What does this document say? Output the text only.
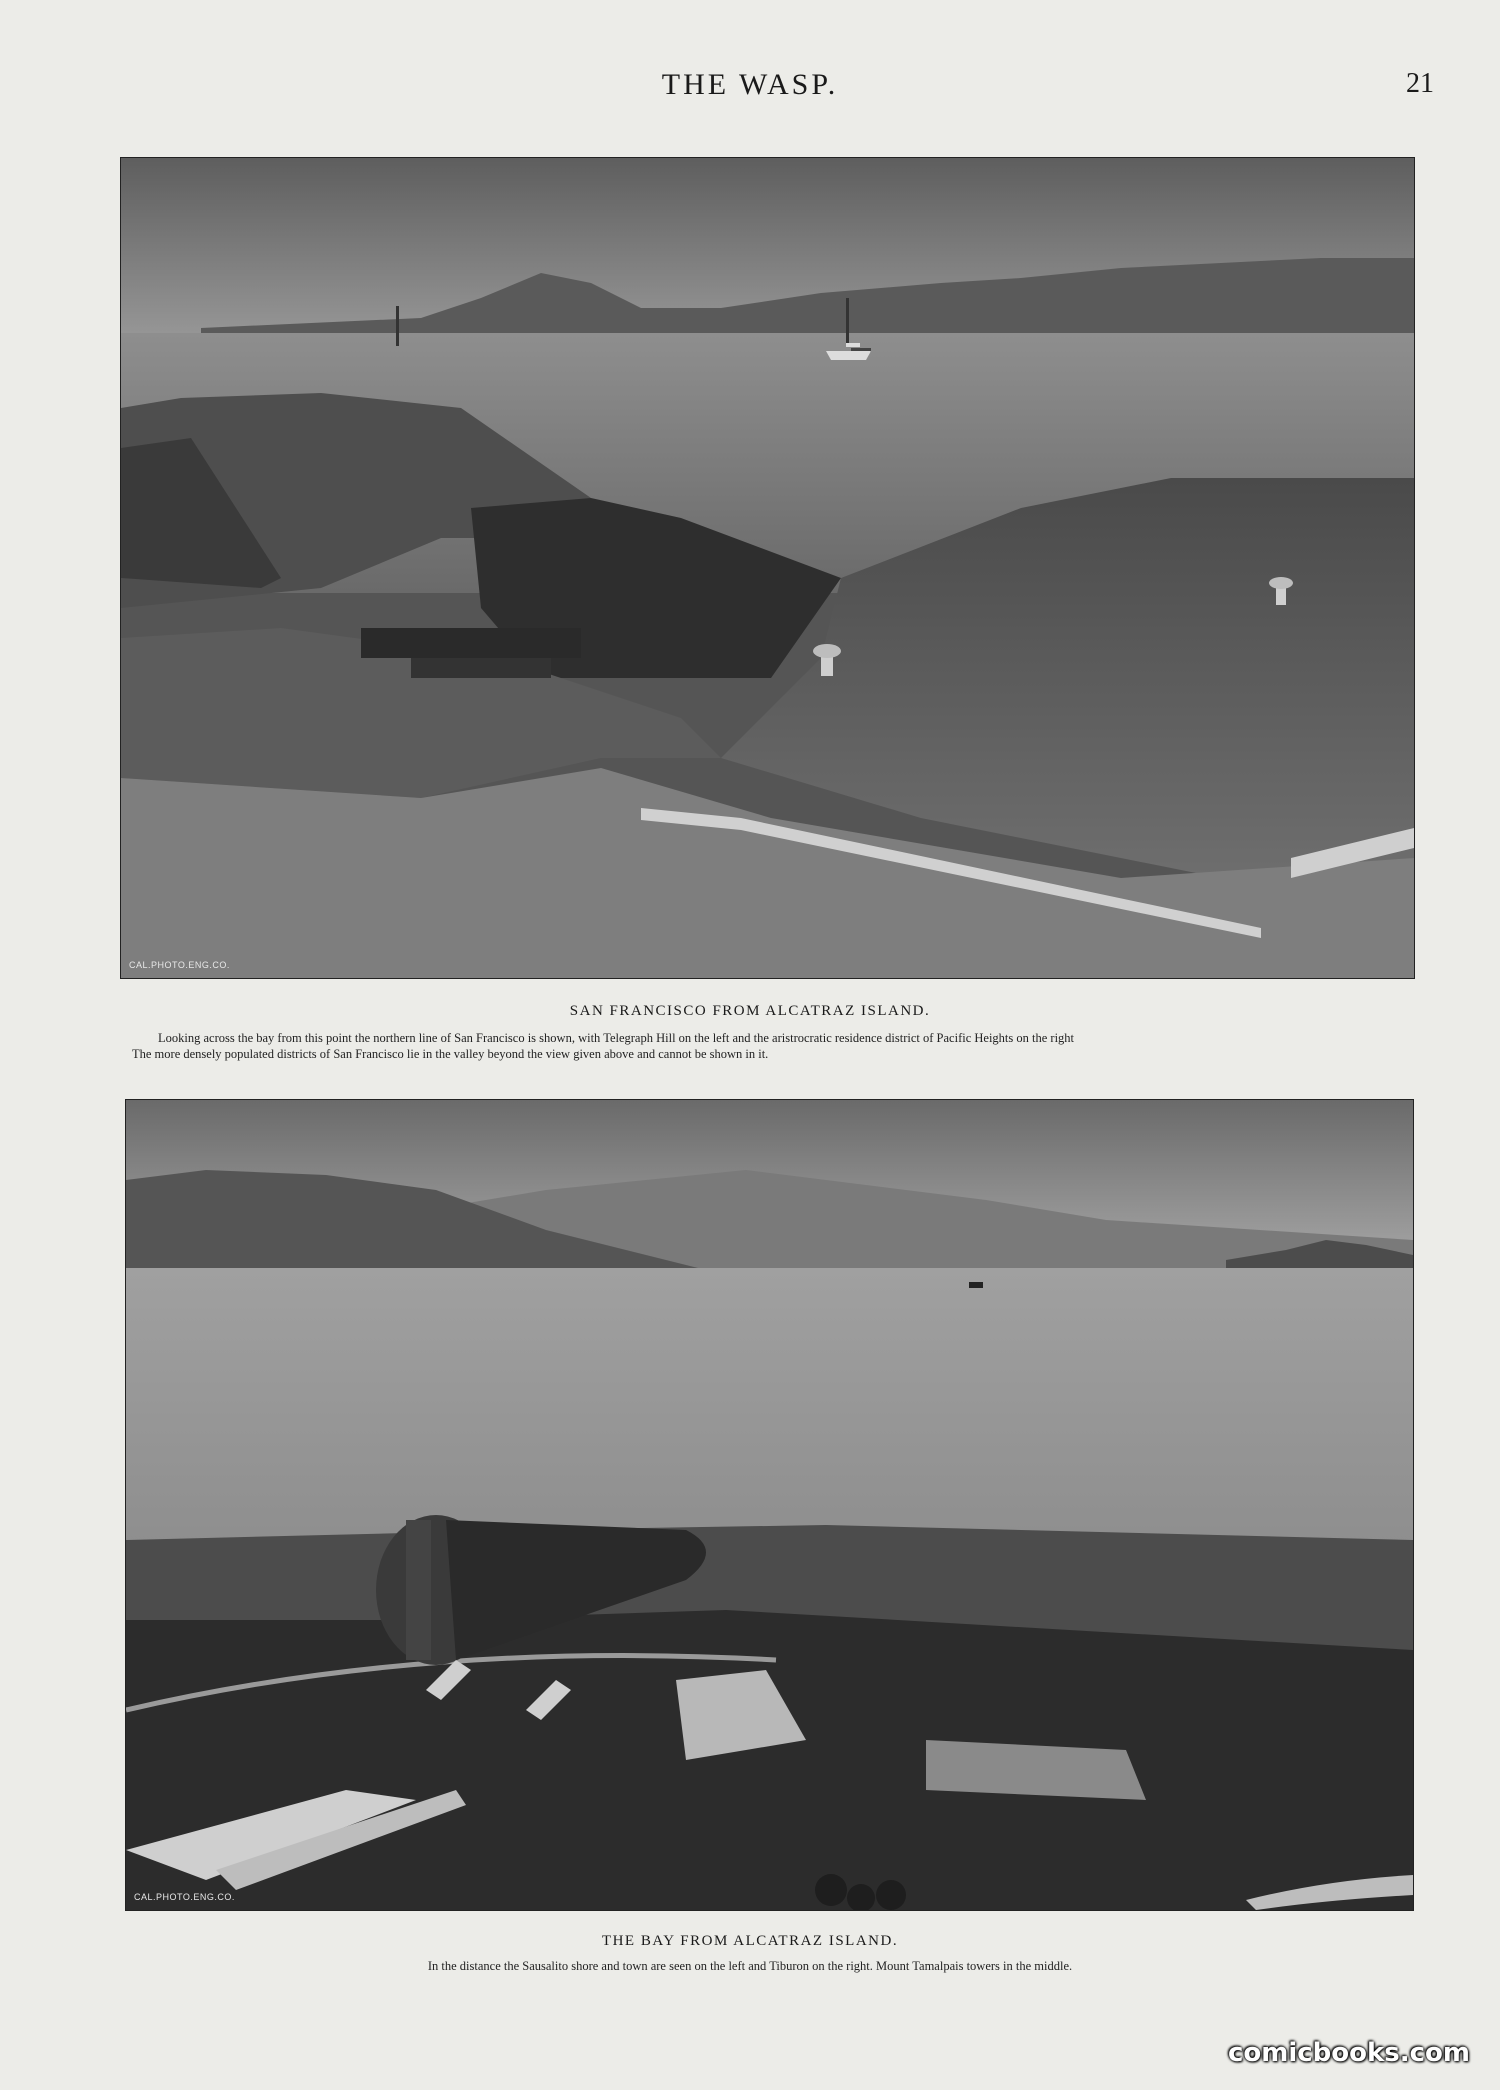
THE WASP.	21
CAL.PHOTO.ENG.CO.
SAN FRANCISCO FROM ALCATRAZ ISLAND.
Looking across the bay from this point the northern line of San Francisco is shown, with Telegraph Hill on the left and the aristrocratic residence district of Pacific Heights on the right
The more densely populated districts of San Francisco lie in the valley beyond the view given above and cannot be shown in it.
CAL.PHOTO.ENG.CO.
THE BAY FROM ALCATRAZ ISLAND.
In the distance the Sausalito shore and town are seen on the left and Tiburon on the right. Mount Tamalpais towers in the middle.
comicbooks.com
